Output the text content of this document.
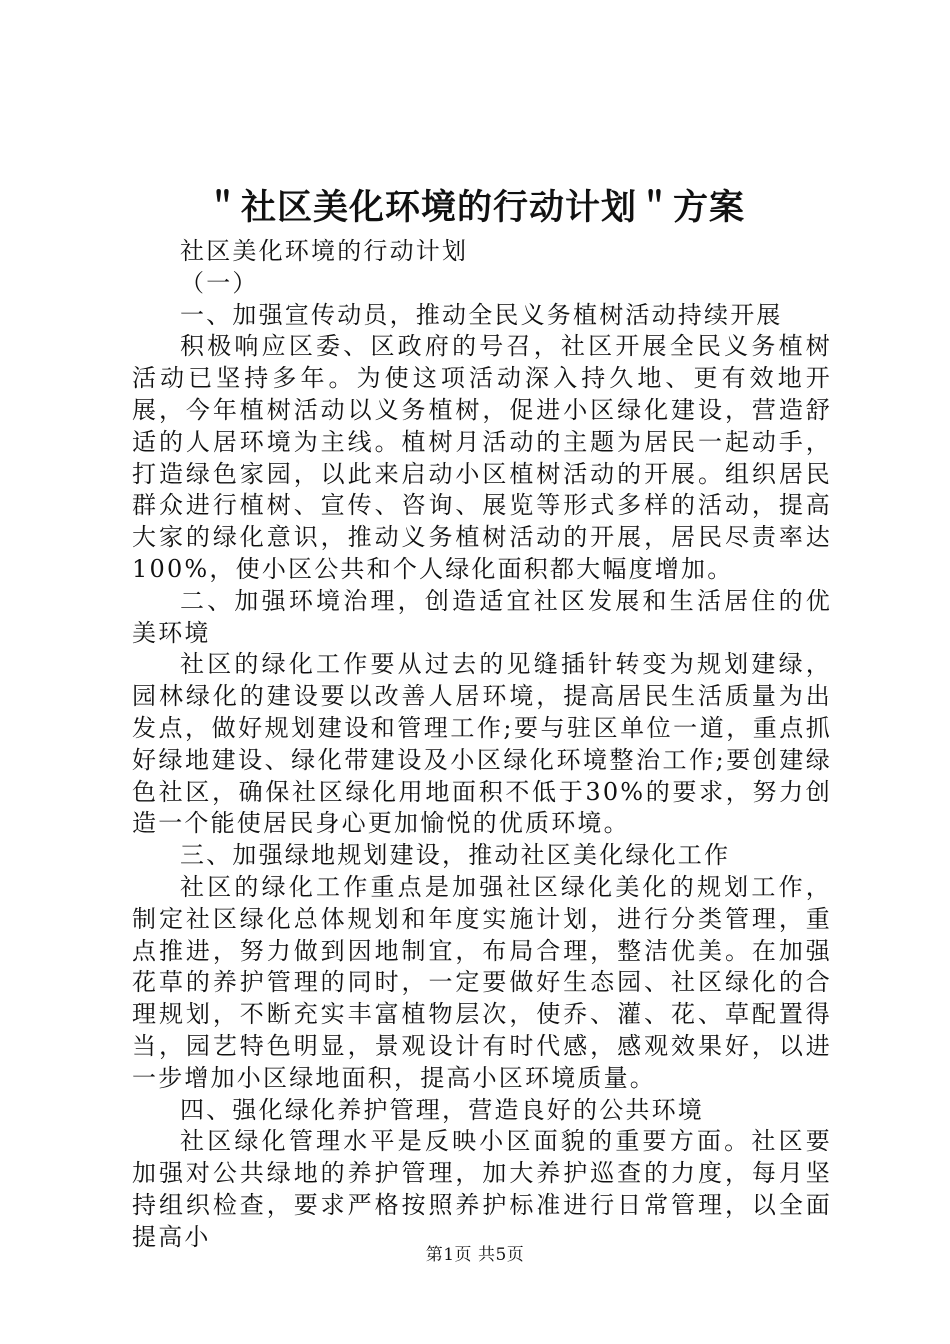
＂社区美化环境的行动计划＂方案

社区美化环境的行动计划

（一）

一、加强宣传动员，推动全民义务植树活动持续开展

积极响应区委、区政府的号召，社区开展全民义务植树活动已坚持多年。为使这项活动深入持久地、更有效地开展，今年植树活动以义务植树，促进小区绿化建设，营造舒适的人居环境为主线。植树月活动的主题为居民一起动手，打造绿色家园，以此来启动小区植树活动的开展。组织居民群众进行植树、宣传、咨询、展览等形式多样的活动，提高大家的绿化意识，推动义务植树活动的开展，居民尽责率达100%，使小区公共和个人绿化面积都大幅度增加。

二、加强环境治理，创造适宜社区发展和生活居住的优美环境

社区的绿化工作要从过去的见缝插针转变为规划建绿，园林绿化的建设要以改善人居环境，提高居民生活质量为出发点，做好规划建设和管理工作;要与驻区单位一道，重点抓好绿地建设、绿化带建设及小区绿化环境整治工作;要创建绿色社区，确保社区绿化用地面积不低于30%的要求，努力创造一个能使居民身心更加愉悦的优质环境。

三、加强绿地规划建设，推动社区美化绿化工作

社区的绿化工作重点是加强社区绿化美化的规划工作，制定社区绿化总体规划和年度实施计划，进行分类管理，重点推进，努力做到因地制宜，布局合理，整洁优美。在加强花草的养护管理的同时，一定要做好生态园、社区绿化的合理规划，不断充实丰富植物层次，使乔、灌、花、草配置得当，园艺特色明显，景观设计有时代感，感观效果好，以进一步增加小区绿地面积，提高小区环境质量。

四、强化绿化养护管理，营造良好的公共环境

社区绿化管理水平是反映小区面貌的重要方面。社区要加强对公共绿地的养护管理，加大养护巡查的力度，每月坚持组织检查，要求严格按照养护标准进行日常管理，以全面提高小

第1页 共5页
